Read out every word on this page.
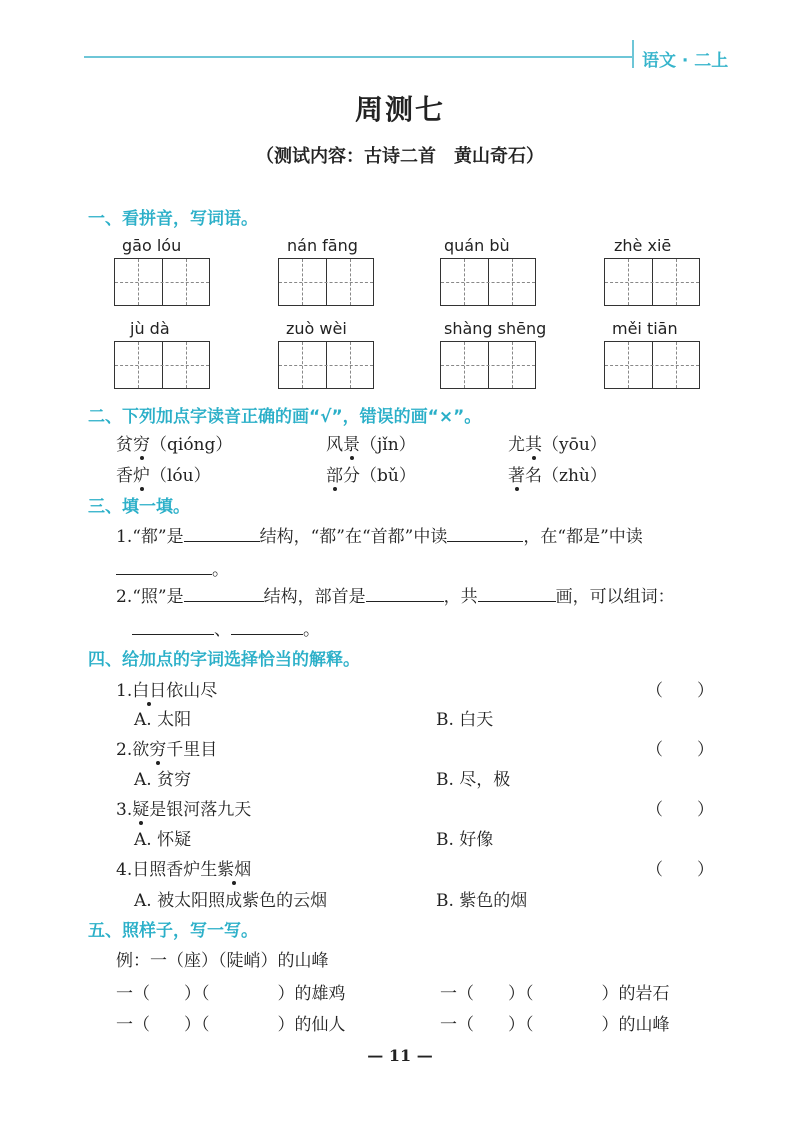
语文 · 二上
周测七
（测试内容：古诗二首　黄山奇石）
一、看拼音，写词语。
gāo lóu	nán fāng	quán bù	zhè xiē
jù dà	zuò wèi	shàng shēng	měi tiān
二、下列加点字读音正确的画“√”，错误的画“×”。
贫穷（qióng）	风景（jǐn）	尤其（yōu）
香炉（lóu）	部分（bǔ）	著名（zhù）
三、填一填。
1.“都”是	结构，“都”在“首都”中读	，在“都是”中读
。
2.“照”是	结构，部首是	，共	画，可以组词：
、	。
四、给加点的字词选择恰当的解释。
1.白日依山尽	（　　）
A. 太阳	B. 白天
2.欲穷千里目	（　　）
A. 贫穷	B. 尽，极
3.疑是银河落九天	（　　）
A. 怀疑	B. 好像
4.日照香炉生紫烟	（　　）
A. 被太阳照成紫色的云烟	B. 紫色的烟
五、照样子，写一写。
例：一（座）（陡峭）的山峰
一（　　）（　　　　）的雄鸡	一（　　）（　　　　）的岩石
一（　　）（　　　　）的仙人	一（　　）（　　　　）的山峰
— 11 —
